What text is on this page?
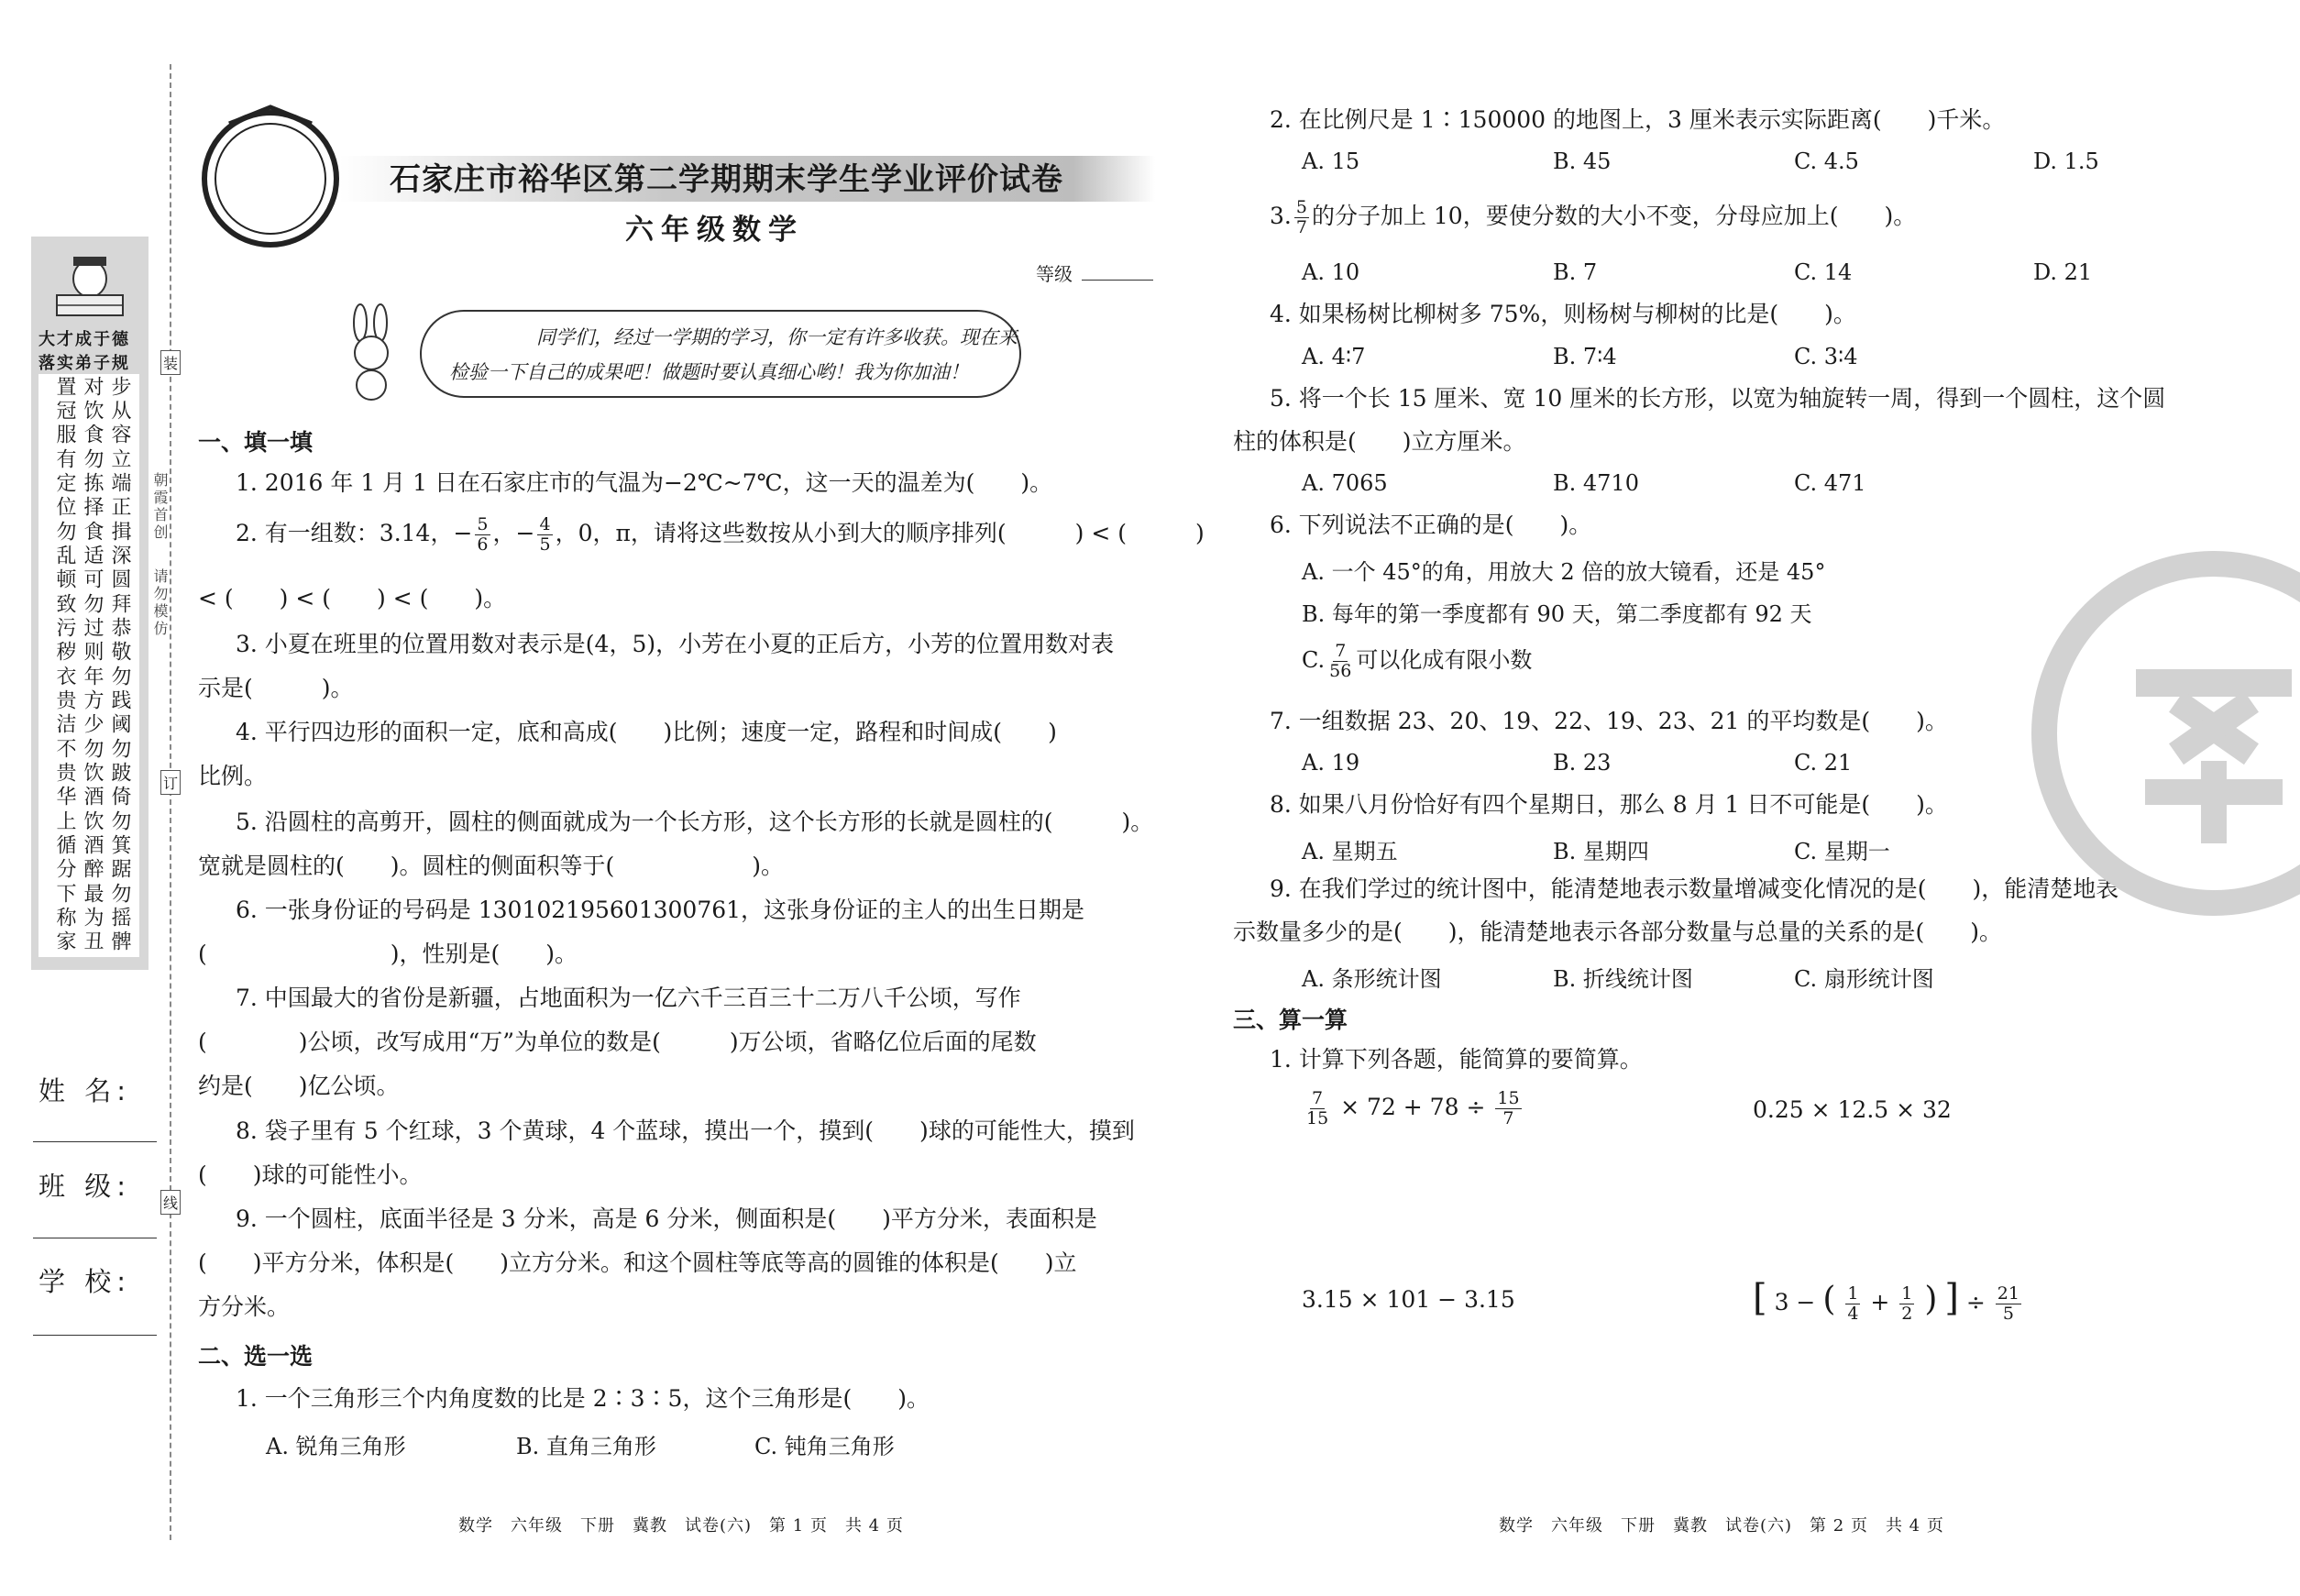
朝霞首创
请勿模仿
装
订
线
大才成于德
落实弟子规
步从容
对饮食
置冠服
立端正
勿拣择
有定位
揖深圆
食适可
勿乱顿
拜恭敬
勿过则
致污秽
勿践阈
年方少
衣贵洁
勿跛倚
勿饮酒
不贵华
勿箕踞
饮酒醉
上循分
勿摇髀
最为丑
下称家
姓 名:
班 级:
学 校:
石家庄市裕华区第二学期期末学生学业评价试卷
六年级数学
等级
同学们，经过一学期的学习，你一定有许多收获。现在来
检验一下自己的成果吧！做题时要认真细心哟！我为你加油！
一、填一填
1. 2016 年 1 月 1 日在石家庄市的气温为−2℃~7℃，这一天的温差为(　　)。
2. 有一组数：3.14，− $\frac{5}{6}$ ，− $\frac{4}{5}$ ，0，π，请将这些数按从小到大的顺序排列(　　　) < (　　　)
< (　　) < (　　) < (　　)。
3. 小夏在班里的位置用数对表示是(4，5)，小芳在小夏的正后方，小芳的位置用数对表
示是(　　　)。
4. 平行四边形的面积一定，底和高成(　　)比例；速度一定，路程和时间成(　　)
比例。
5. 沿圆柱的高剪开，圆柱的侧面就成为一个长方形，这个长方形的长就是圆柱的(　　　)。
宽就是圆柱的(　　)。圆柱的侧面积等于(　　　　　　)。
6. 一张身份证的号码是 130102195601300761，这张身份证的主人的出生日期是
(　　　　　　　　)，性别是(　　)。
7. 中国最大的省份是新疆，占地面积为一亿六千三百三十二万八千公顷，写作
(　　　　)公顷，改写成用“万”为单位的数是(　　　)万公顷，省略亿位后面的尾数
约是(　　)亿公顷。
8. 袋子里有 5 个红球，3 个黄球，4 个蓝球，摸出一个，摸到(　　)球的可能性大，摸到
(　　)球的可能性小。
9. 一个圆柱，底面半径是 3 分米，高是 6 分米，侧面积是(　　)平方分米，表面积是
(　　)平方分米，体积是(　　)立方分米。和这个圆柱等底等高的圆锥的体积是(　　)立
方分米。
二、选一选
1. 一个三角形三个内角度数的比是 2∶3∶5，这个三角形是(　　)。
A. 锐角三角形	B. 直角三角形	C. 钝角三角形
数学　六年级　下册　冀教　试卷(六)　第 1 页　共 4 页
2. 在比例尺是 1∶150000 的地图上，3 厘米表示实际距离(　　)千米。
A. 15	B. 45	C. 4.5	D. 1.5
3. $\frac{5}{7}$ 的分子加上 10，要使分数的大小不变，分母应加上(　　)。
A. 10	B. 7	C. 14	D. 21
4. 如果杨树比柳树多 75%，则杨树与柳树的比是(　　)。
A. 4∶7	B. 7∶4	C. 3∶4
5. 将一个长 15 厘米、宽 10 厘米的长方形，以宽为轴旋转一周，得到一个圆柱，这个圆
柱的体积是(　　)立方厘米。
A. 7065	B. 4710	C. 471
6. 下列说法不正确的是(　　)。
A. 一个 45°的角，用放大 2 倍的放大镜看，还是 45°
B. 每年的第一季度都有 90 天，第二季度都有 92 天
C. $\frac{7}{56}$ 可以化成有限小数
7. 一组数据 23、20、19、22、19、23、21 的平均数是(　　)。
A. 19	B. 23	C. 21
8. 如果八月份恰好有四个星期日，那么 8 月 1 日不可能是(　　)。
A. 星期五	B. 星期四	C. 星期一
9. 在我们学过的统计图中，能清楚地表示数量增减变化情况的是(　　)，能清楚地表
示数量多少的是(　　)，能清楚地表示各部分数量与总量的关系的是(　　)。
A. 条形统计图	B. 折线统计图	C. 扇形统计图
三、算一算
1. 计算下列各题，能简算的要简算。
$\frac{7}{15} \times 72 + 78 \div \frac{15}{7}$	0.25 × 12.5 × 32
3.15 × 101 − 3.15	[ 3 − ( $\frac{1}{4} + \frac{1}{2}$ ) ] ÷ $\frac{21}{5}$
数学　六年级　下册　冀教　试卷(六)　第 2 页　共 4 页
